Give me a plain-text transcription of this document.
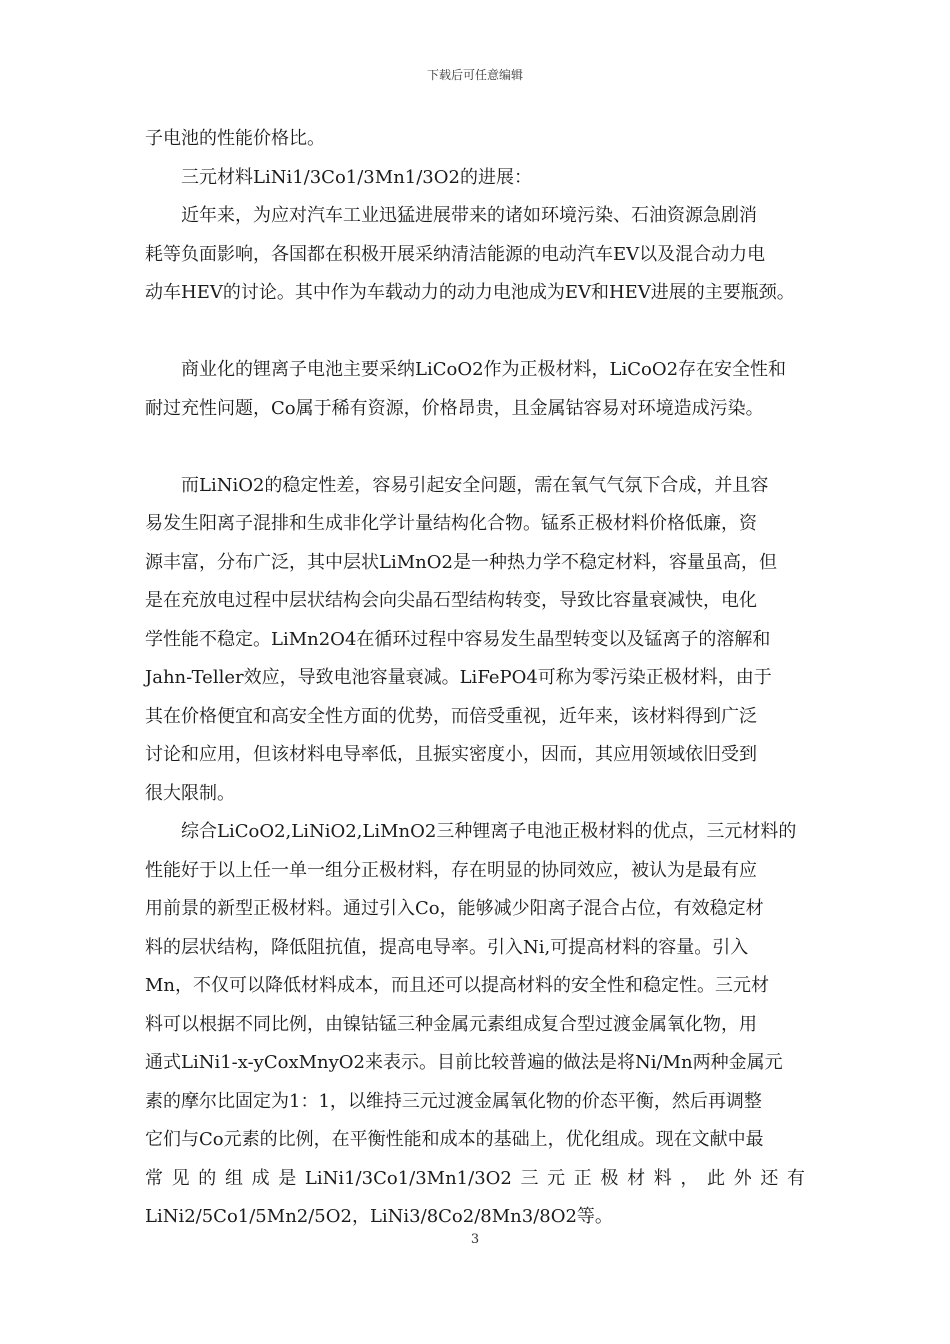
下载后可任意编辑
子电池的性能价格比。
三元材料LiNi1/3Co1/3Mn1/3O2的进展：
近年来，为应对汽车工业迅猛进展带来的诸如环境污染、石油资源急剧消
耗等负面影响，各国都在积极开展采纳清洁能源的电动汽车EV以及混合动力电
动车HEV的讨论。其中作为车载动力的动力电池成为EV和HEV进展的主要瓶颈。
商业化的锂离子电池主要采纳LiCoO2作为正极材料，LiCoO2存在安全性和
耐过充性问题，Co属于稀有资源，价格昂贵，且金属钴容易对环境造成污染。
而LiNiO2的稳定性差，容易引起安全问题，需在氧气气氛下合成，并且容
易发生阳离子混排和生成非化学计量结构化合物。锰系正极材料价格低廉，资
源丰富，分布广泛，其中层状LiMnO2是一种热力学不稳定材料，容量虽高，但
是在充放电过程中层状结构会向尖晶石型结构转变，导致比容量衰减快，电化
学性能不稳定。LiMn2O4在循环过程中容易发生晶型转变以及锰离子的溶解和
Jahn-Teller效应，导致电池容量衰减。LiFePO4可称为零污染正极材料，由于
其在价格便宜和高安全性方面的优势，而倍受重视，近年来，该材料得到广泛
讨论和应用，但该材料电导率低，且振实密度小，因而，其应用领域依旧受到
很大限制。
综合LiCoO2,LiNiO2,LiMnO2三种锂离子电池正极材料的优点，三元材料的
性能好于以上任一单一组分正极材料，存在明显的协同效应，被认为是最有应
用前景的新型正极材料。通过引入Co，能够减少阳离子混合占位，有效稳定材
料的层状结构，降低阻抗值，提高电导率。引入Ni,可提高材料的容量。引入
Mn，不仅可以降低材料成本，而且还可以提高材料的安全性和稳定性。三元材
料可以根据不同比例，由镍钴锰三种金属元素组成复合型过渡金属氧化物，用
通式LiNi1-x-yCoxMnyO2来表示。目前比较普遍的做法是将Ni/Mn两种金属元
素的摩尔比固定为1：1，以维持三元过渡金属氧化物的价态平衡，然后再调整
它们与Co元素的比例，在平衡性能和成本的基础上，优化组成。现在文献中最
常见的组成是LiNi1/3Co1/3Mn1/3O2三元正极材料，此外还有
LiNi2/5Co1/5Mn2/5O2，LiNi3/8Co2/8Mn3/8O2等。
3
